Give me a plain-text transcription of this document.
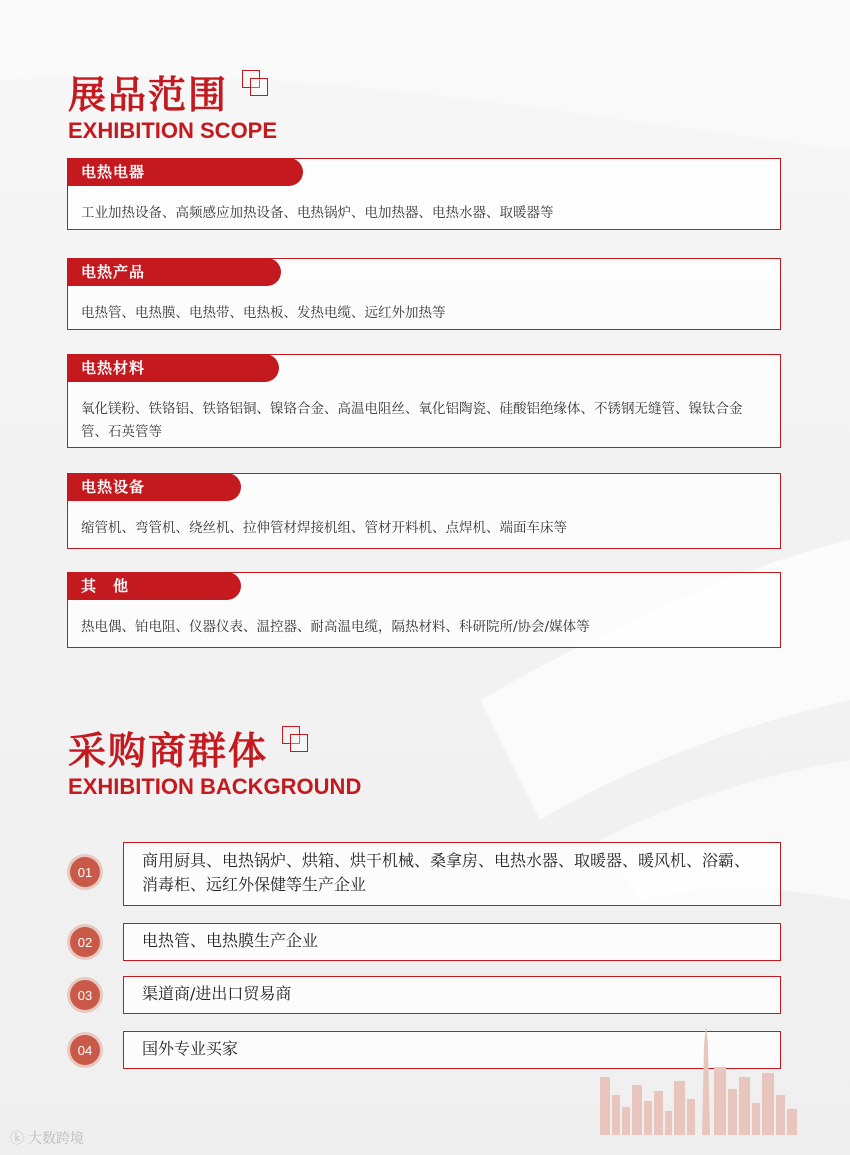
展品范围
EXHIBITION SCOPE
电热电器
工业加热设备、高频感应加热设备、电热锅炉、电加热器、电热水器、取暖器等
电热产品
电热管、电热膜、电热带、电热板、发热电缆、远红外加热等
电热材料
氧化镁粉、铁铬铝、铁铬铝铜、镍铬合金、高温电阻丝、氧化铝陶瓷、硅酸铝绝缘体、不锈钢无缝管、镍钛合金管、石英管等
电热设备
缩管机、弯管机、绕丝机、拉伸管材焊接机组、管材开料机、点焊机、端面车床等
其　他
热电偶、铂电阻、仪器仪表、温控器、耐高温电缆，隔热材料、科研院所/协会/媒体等
采购商群体
EXHIBITION BACKGROUND
01
商用厨具、电热锅炉、烘箱、烘干机械、桑拿房、电热水器、取暖器、暖风机、浴霸、消毒柜、远红外保健等生产企业
02	电热管、电热膜生产企业
03	渠道商/进出口贸易商
04	国外专业买家
ⓚ 大数跨境
